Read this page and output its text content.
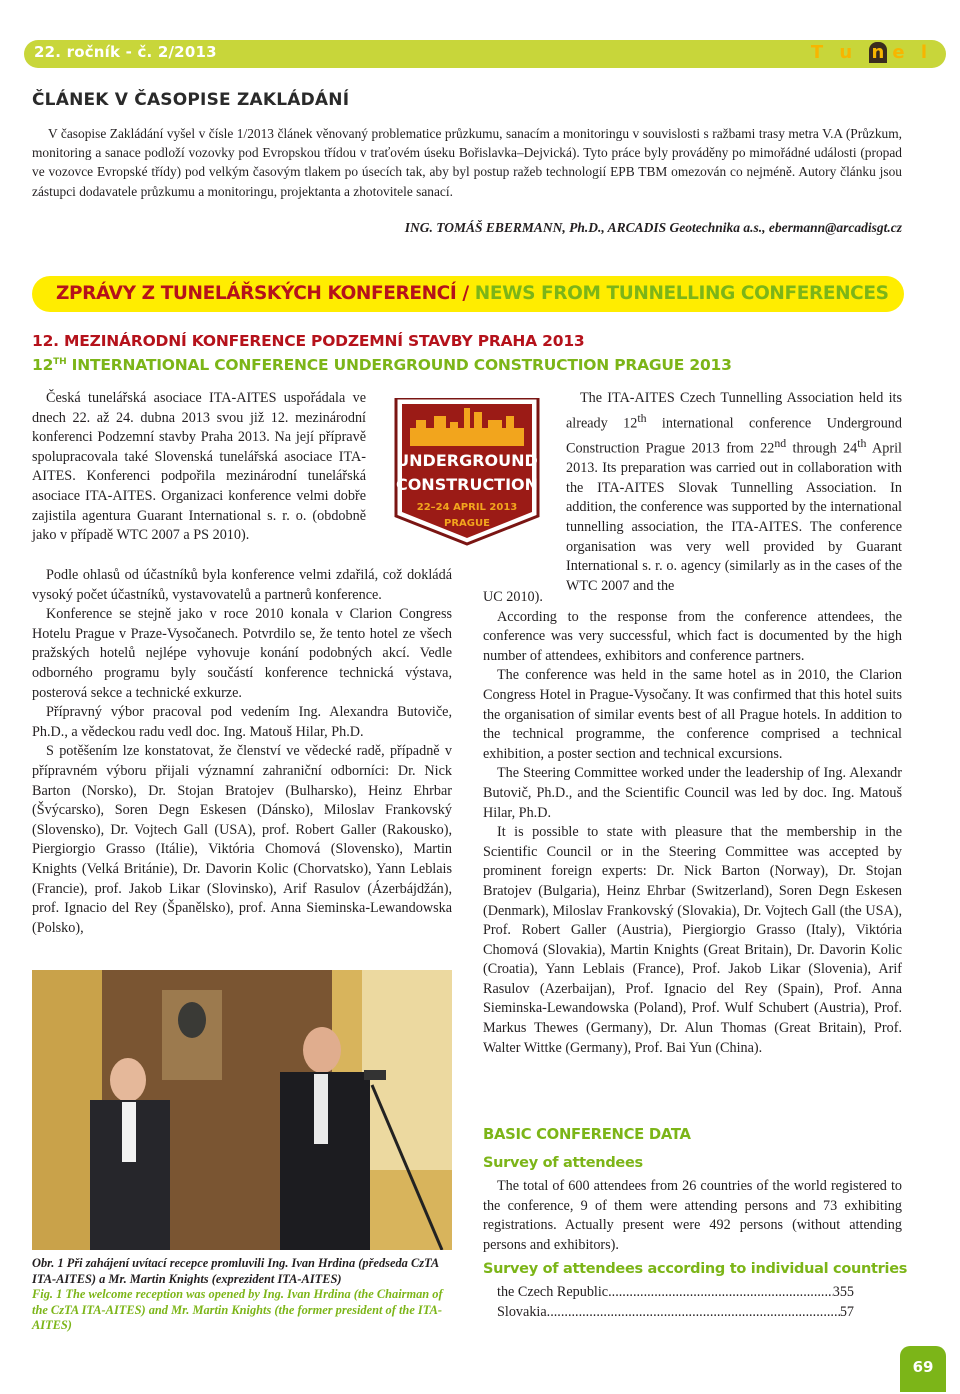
22. ročník - č. 2/2013	T u n e l
ČLÁNEK V ČASOPISE ZAKLÁDÁNÍ

V časopise Zakládání vyšel v čísle 1/2013 článek věnovaný problematice průzkumu, sanacím a monitoringu v souvislosti s ražbami trasy metra V.A (Průzkum, monitoring a sanace podloží vozovky pod Evropskou třídou v traťovém úseku Bořislavka–Dejvická). Tyto práce byly prováděny po mimořádné události (propad ve vozovce Evropské třídy) pod velkým časovým tlakem po úsecích tak, aby byl postup ražeb technologií EPB TBM omezován co nejméně. Autory článku jsou zástupci dodavatele průzkumu a monitoringu, projektanta a zhotovitele sanací.

ING. TOMÁŠ EBERMANN, Ph.D., ARCADIS Geotechnika a.s., ebermann@arcadisgt.cz
ZPRÁVY Z TUNELÁŘSKÝCH KONFERENCÍ / NEWS FROM TUNNELLING CONFERENCES
12. MEZINÁRODNÍ KONFERENCE PODZEMNÍ STAVBY PRAHA 2013
12TH INTERNATIONAL CONFERENCE UNDERGROUND CONSTRUCTION PRAGUE 2013

Česká tunelářská asociace ITA-AITES uspořádala ve dnech 22. až 24. dubna 2013 svou již 12. mezinárodní konferenci Podzemní stavby Praha 2013. Na její přípravě spolupracovala také Slovenská tunelářská asociace ITA-AITES. Konferenci podpořila mezinárodní tunelářská asociace ITA-AITES. Organizaci konference velmi dobře zajistila agentura Guarant International s. r. o. (obdobně jako v případě WTC 2007 a PS 2010).

Podle ohlasů od účastníků byla konference velmi zdařilá, což dokládá vysoký počet účastníků, vystavovatelů a partnerů konference.

Konference se stejně jako v roce 2010 konala v Clarion Congress Hotelu Prague v Praze-Vysočanech. Potvrdilo se, že tento hotel ze všech pražských hotelů nejlépe vyhovuje konání podobných akcí. Vedle odborného programu byly součástí konference technická výstava, posterová sekce a technické exkurze.

Přípravný výbor pracoval pod vedením Ing. Alexandra Butoviče, Ph.D., a vědeckou radu vedl doc. Ing. Matouš Hilar, Ph.D.

S potěšením lze konstatovat, že členství ve vědecké radě, případně v přípravném výboru přijali významní zahraniční odborníci: Dr. Nick Barton (Norsko), Dr. Stojan Bratojev (Bulharsko), Heinz Ehrbar (Švýcarsko), Soren Degn Eskesen (Dánsko), Miloslav Frankovský (Slovensko), Dr. Vojtech Gall (USA), prof. Robert Galler (Rakousko), Piergiorgio Grasso (Itálie), Viktória Chomová (Slovensko), Martin Knights (Velká Británie), Dr. Davorin Kolic (Chorvatsko), Yann Leblais (Francie), prof. Jakob Likar (Slovinsko), Arif Rasulov (Ázerbájdžán), prof. Ignacio del Rey (Španělsko), prof. Anna Sieminska-Lewandowska (Polsko),

UNDERGROUND
CONSTRUCTION
22–24 APRIL 2013
PRAGUE

The ITA-AITES Czech Tunnelling Association held its already 12th international conference Underground Construction Prague 2013 from 22nd through 24th April 2013. Its preparation was carried out in collaboration with the ITA-AITES Slovak Tunnelling Association. In addition, the conference was supported by the international tunnelling association, the ITA-AITES. The conference organisation was very well provided by Guarant International s. r. o. agency (similarly as in the cases of the WTC 2007 and the

UC 2010).

According to the response from the conference attendees, the conference was very successful, which fact is documented by the high number of attendees, exhibitors and conference partners.

The conference was held in the same hotel as in 2010, the Clarion Congress Hotel in Prague-Vysočany. It was confirmed that this hotel suits the organisation of similar events best of all Prague hotels. In addition to the technical programme, the conference comprised a technical exhibition, a poster section and technical excursions.

The Steering Committee worked under the leadership of Ing. Alexandr Butovič, Ph.D., and the Scientific Council was led by doc. Ing. Matouš Hilar, Ph.D.

It is possible to state with pleasure that the membership in the Scientific Council or in the Steering Committee was accepted by prominent foreign experts: Dr. Nick Barton (Norway), Dr. Stojan Bratojev (Bulgaria), Heinz Ehrbar (Switzerland), Soren Degn Eskesen (Denmark), Miloslav Frankovský (Slovakia), Dr. Vojtech Gall (the USA), Prof. Robert Galler (Austria), Piergiorgio Grasso (Italy), Viktória Chomová (Slovakia), Martin Knights (Great Britain), Dr. Davorin Kolic (Croatia), Yann Leblais (France), Prof. Jakob Likar (Slovenia), Arif Rasulov (Azerbaijan), Prof. Ignacio del Rey (Spain), Prof. Anna Sieminska-Lewandowska (Poland), Prof. Wulf Schubert (Austria), Prof. Markus Thewes (Germany), Dr. Alun Thomas (Great Britain), Prof. Walter Wittke (Germany), Prof. Bai Yun (China).

Obr. 1 Při zahájení uvítací recepce promluvili Ing. Ivan Hrdina (předseda CzTA ITA-AITES) a Mr. Martin Knights (exprezident ITA-AITES)
Fig. 1 The welcome reception was opened by Ing. Ivan Hrdina (the Chairman of the CzTA ITA-AITES) and Mr. Martin Knights (the former president of the ITA-AITES)
BASIC CONFERENCE DATA
Survey of attendees

The total of 600 attendees from 26 countries of the world registered to the conference, 9 of them were attending persons and 73 exhibiting registrations. Actually present were 492 persons (without attending persons and exhibitors).

Survey of attendees according to individual countries
the Czech Republic .....	355
Slovakia .....	57
69
